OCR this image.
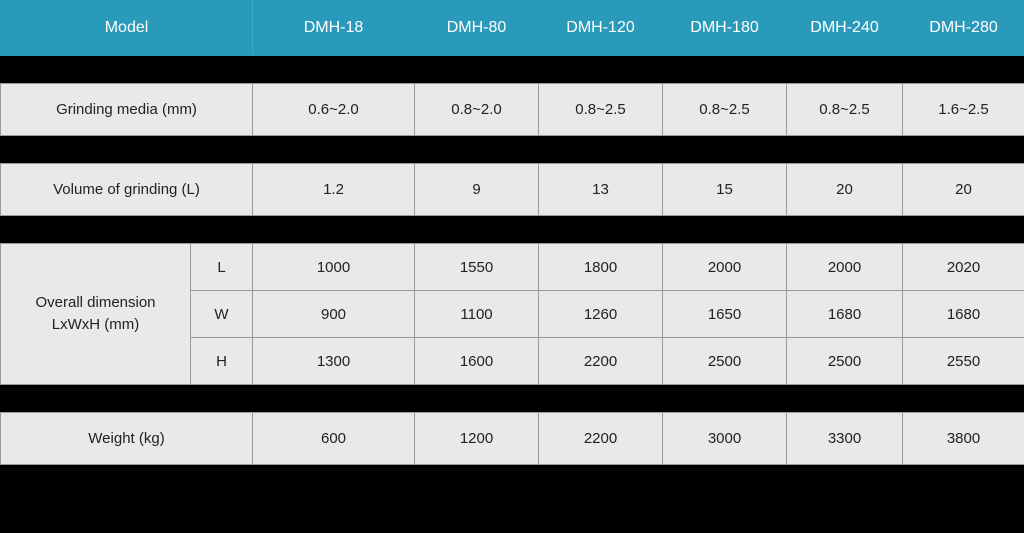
Model		DMH-18	DMH-80	DMH-120	DMH-180	DMH-240	DMH-280

Grinding media (mm)		0.6~2.0	0.8~2.0	0.8~2.5	0.8~2.5	0.8~2.5	1.6~2.5

Volume of grinding (L)		1.2	9	13	15	20	20

Overall dimension
LxWxH (mm)	L	1000	1550	1800	2000	2000	2020
	W	900	1100	1260	1650	1680	1680
	H	1300	1600	2200	2500	2500	2550

Weight (kg)		600	1200	2200	3000	3300	3800
